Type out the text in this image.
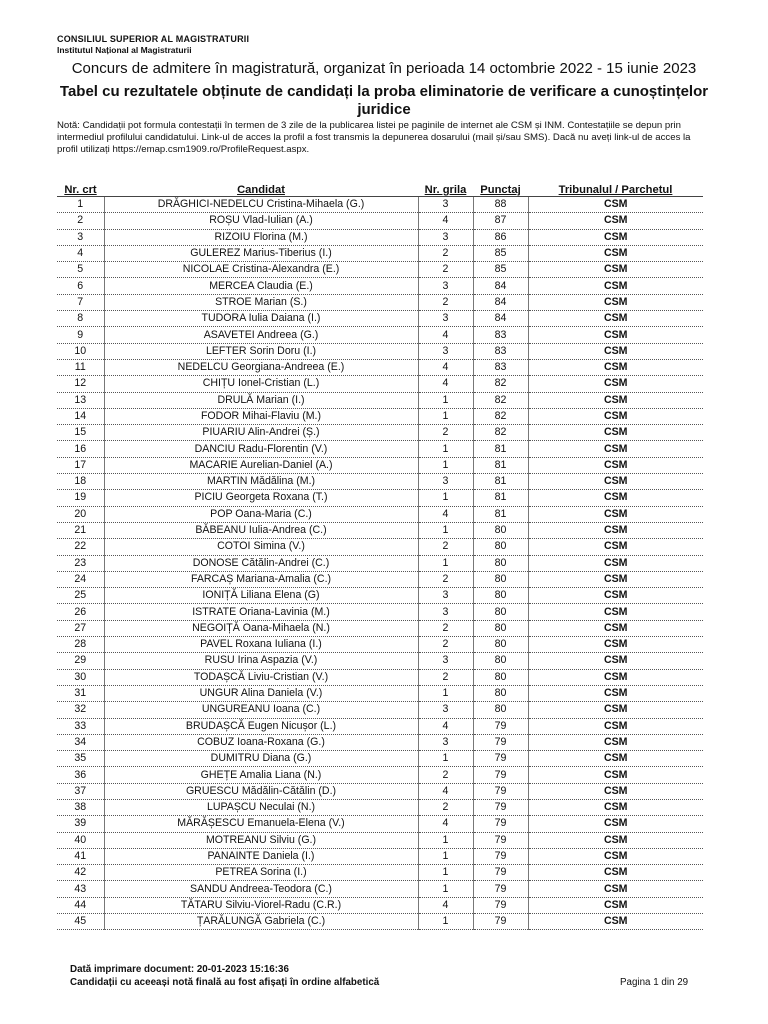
CONSILIUL SUPERIOR AL MAGISTRATURII
Institutul Național al Magistraturii
Concurs de admitere în magistratură, organizat în perioada 14 octombrie 2022 - 15 iunie 2023
Tabel cu rezultatele obținute de candidați la proba eliminatorie de verificare a cunoștințelor juridice
Notă: Candidații pot formula contestații în termen de 3 zile de la publicarea listei pe paginile de internet ale CSM și INM. Contestațiile se depun prin intermediul profilului candidatului. Link-ul de acces la profil a fost transmis la depunerea dosarului (mail și/sau SMS). Dacă nu aveți link-ul de acces la profil utilizați https://emap.csm1909.ro/ProfileRequest.aspx.
Nr. crt	Candidat	Nr. grila	Punctaj	Tribunalul / Parchetul
1	DRĂGHICI-NEDELCU Cristina-Mihaela (G.)	3	88	CSM
2	ROȘU Vlad-Iulian (A.)	4	87	CSM
3	RIZOIU Florina (M.)	3	86	CSM
4	GULEREZ Marius-Tiberius (I.)	2	85	CSM
5	NICOLAE Cristina-Alexandra (E.)	2	85	CSM
6	MERCEA Claudia (E.)	3	84	CSM
7	STROE Marian (S.)	2	84	CSM
8	TUDORA Iulia Daiana (I.)	3	84	CSM
9	ASAVETEI Andreea (G.)	4	83	CSM
10	LEFTER Sorin Doru (I.)	3	83	CSM
11	NEDELCU Georgiana-Andreea (E.)	4	83	CSM
12	CHIȚU Ionel-Cristian (L.)	4	82	CSM
13	DRULĂ Marian (I.)	1	82	CSM
14	FODOR Mihai-Flaviu (M.)	1	82	CSM
15	PIUARIU Alin-Andrei (Ș.)	2	82	CSM
16	DANCIU Radu-Florentin (V.)	1	81	CSM
17	MACARIE Aurelian-Daniel (A.)	1	81	CSM
18	MARTIN Mădălina (M.)	3	81	CSM
19	PICIU Georgeta Roxana (T.)	1	81	CSM
20	POP Oana-Maria (C.)	4	81	CSM
21	BĂBEANU Iulia-Andrea (C.)	1	80	CSM
22	COTOI Simina (V.)	2	80	CSM
23	DONOSE Cătălin-Andrei (C.)	1	80	CSM
24	FARCAȘ Mariana-Amalia (C.)	2	80	CSM
25	IONIȚĂ Liliana Elena (G)	3	80	CSM
26	ISTRATE Oriana-Lavinia (M.)	3	80	CSM
27	NEGOIȚĂ Oana-Mihaela (N.)	2	80	CSM
28	PAVEL Roxana Iuliana (I.)	2	80	CSM
29	RUSU Irina Aspazia (V.)	3	80	CSM
30	TODAȘCĂ Liviu-Cristian (V.)	2	80	CSM
31	UNGUR Alina Daniela (V.)	1	80	CSM
32	UNGUREANU Ioana (C.)	3	80	CSM
33	BRUDAȘCĂ Eugen Nicușor (L.)	4	79	CSM
34	COBUZ Ioana-Roxana (G.)	3	79	CSM
35	DUMITRU Diana (G.)	1	79	CSM
36	GHEȚE Amalia Liana (N.)	2	79	CSM
37	GRUESCU Mădălin-Cătălin (D.)	4	79	CSM
38	LUPAȘCU Neculai (N.)	2	79	CSM
39	MĂRĂȘESCU Emanuela-Elena (V.)	4	79	CSM
40	MOTREANU Silviu (G.)	1	79	CSM
41	PANAINTE Daniela (I.)	1	79	CSM
42	PETREA Sorina (I.)	1	79	CSM
43	SANDU Andreea-Teodora (C.)	1	79	CSM
44	TĂTARU Silviu-Viorel-Radu (C.R.)	4	79	CSM
45	ȚARĂLUNGĂ Gabriela (C.)	1	79	CSM
Dată imprimare document: 20-01-2023 15:16:36
Candidații cu aceeași notă finală au fost afișați în ordine alfabetică	Pagina 1 din 29
